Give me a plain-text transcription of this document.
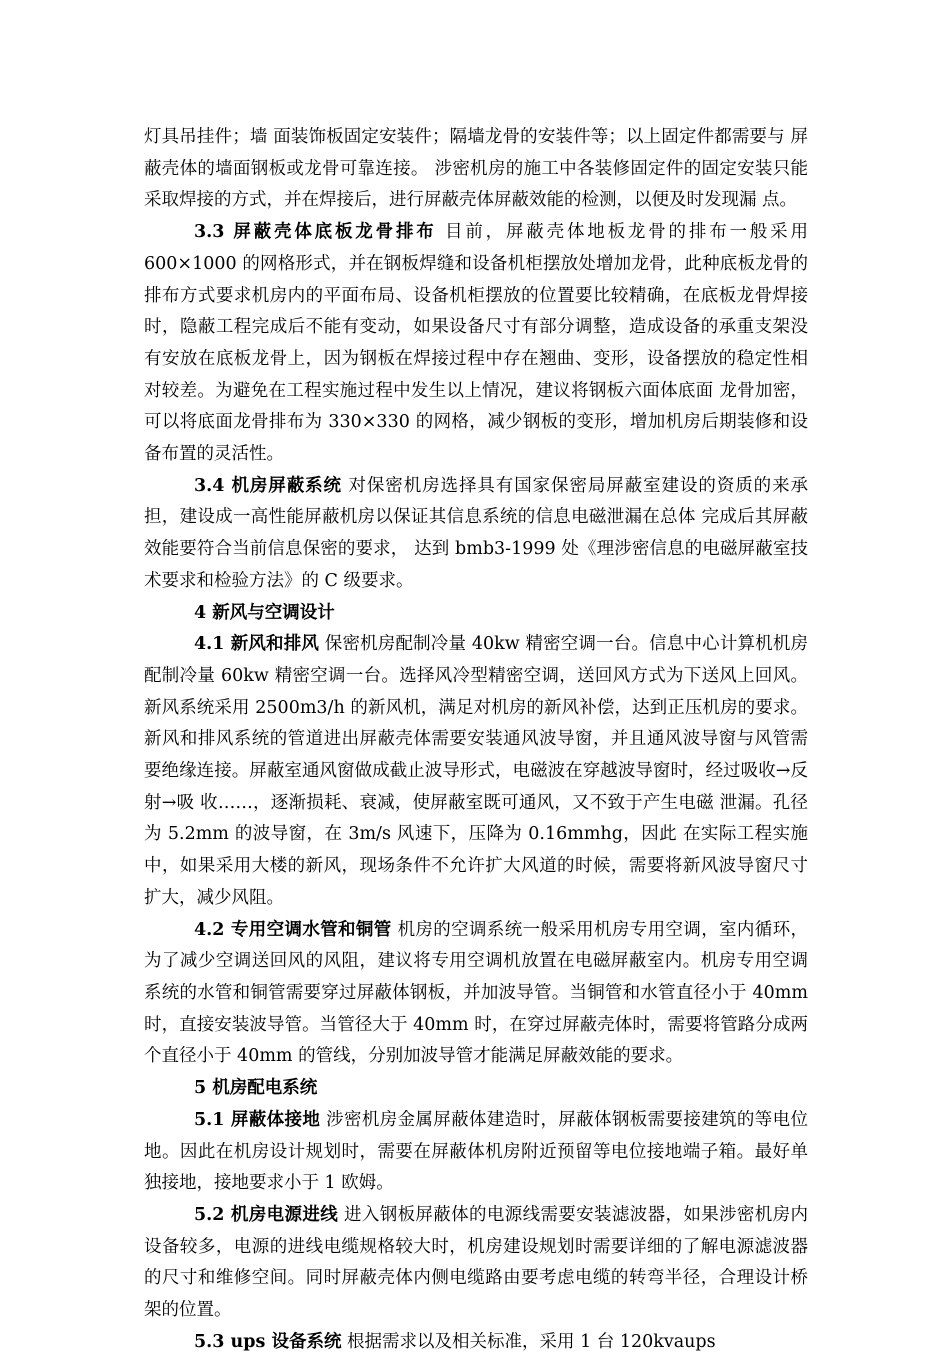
灯具吊挂件；墙 面装饰板固定安装件；隔墙龙骨的安装件等；以上固定件都需要与 屏蔽壳体的墙面钢板或龙骨可靠连接。 涉密机房的施工中各装修固定件的固定安装只能采取焊接的方式，并在焊接后，进行屏蔽壳体屏蔽效能的检测，以便及时发现漏 点。

3.3 屏蔽壳体底板龙骨排布 目前，屏蔽壳体地板龙骨的排布一般采用 600×1000 的网格形式，并在钢板焊缝和设备机柜摆放处增加龙骨，此种底板龙骨的排布方式要求机房内的平面布局、设备机柜摆放的位置要比较精确，在底板龙骨焊接时，隐蔽工程完成后不能有变动，如果设备尺寸有部分调整，造成设备的承重支架没有安放在底板龙骨上，因为钢板在焊接过程中存在翘曲、变形，设备摆放的稳定性相对较差。为避免在工程实施过程中发生以上情况，建议将钢板六面体底面 龙骨加密，可以将底面龙骨排布为 330×330 的网格，减少钢板的变形，增加机房后期装修和设备布置的灵活性。

3.4 机房屏蔽系统 对保密机房选择具有国家保密局屏蔽室建设的资质的来承担，建设成一高性能屏蔽机房以保证其信息系统的信息电磁泄漏在总体 完成后其屏蔽效能要符合当前信息保密的要求， 达到 bmb3-1999 处《理涉密信息的电磁屏蔽室技术要求和检验方法》的 C 级要求。

4 新风与空调设计

4.1 新风和排风 保密机房配制冷量 40kw 精密空调一台。信息中心计算机机房配制冷量 60kw 精密空调一台。选择风冷型精密空调，送回风方式为下送风上回风。新风系统采用 2500m3/h 的新风机，满足对机房的新风补偿，达到正压机房的要求。新风和排风系统的管道进出屏蔽壳体需要安装通风波导窗，并且通风波导窗与风管需要绝缘连接。屏蔽室通风窗做成截止波导形式，电磁波在穿越波导窗时，经过吸收→反射→吸 收……，逐渐损耗、衰减，使屏蔽室既可通风，又不致于产生电磁 泄漏。孔径为 5.2mm 的波导窗，在 3m/s 风速下，压降为 0.16mmhg，因此 在实际工程实施中，如果采用大楼的新风，现场条件不允许扩大风道的时候，需要将新风波导窗尺寸扩大，减少风阻。

4.2 专用空调水管和铜管 机房的空调系统一般采用机房专用空调，室内循环，为了减少空调送回风的风阻，建议将专用空调机放置在电磁屏蔽室内。机房专用空调系统的水管和铜管需要穿过屏蔽体钢板，并加波导管。当铜管和水管直径小于 40mm 时，直接安装波导管。当管径大于 40mm 时，在穿过屏蔽壳体时，需要将管路分成两个直径小于 40mm 的管线，分别加波导管才能满足屏蔽效能的要求。

5 机房配电系统

5.1 屏蔽体接地 涉密机房金属屏蔽体建造时，屏蔽体钢板需要接建筑的等电位地。因此在机房设计规划时，需要在屏蔽体机房附近预留等电位接地端子箱。最好单独接地，接地要求小于 1 欧姆。

5.2 机房电源进线 进入钢板屏蔽体的电源线需要安装滤波器，如果涉密机房内设备较多，电源的进线电缆规格较大时，机房建设规划时需要详细的了解电源滤波器的尺寸和维修空间。同时屏蔽壳体内侧电缆路由要考虑电缆的转弯半径，合理设计桥架的位置。

5.3 ups 设备系统 根据需求以及相关标准，采用 1 台 120kvaups
